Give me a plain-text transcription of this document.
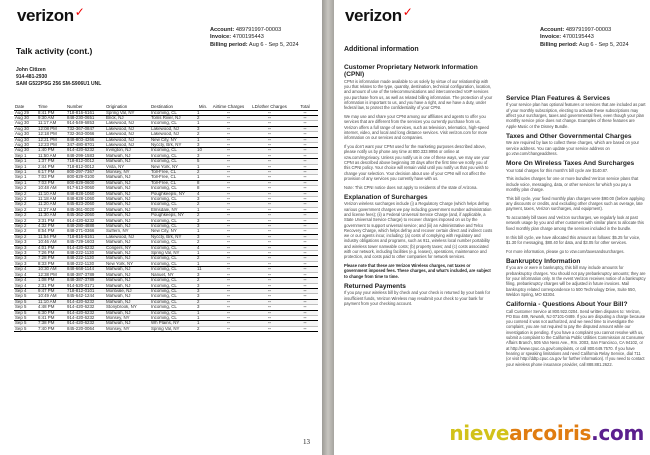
verizon✓
Account: 489791997-00003
Invoice: 4700195443
Billing period: Aug 6 - Sep 5, 2024
Talk activity (cont.)
John Citizen
914-481-2930
SAM G522PSG 256 SM-S906U1 UNL
Date	Time	Number	Origination	Destination	Min.	Airtime Charges	LD/other Charges	Total
Aug 29	8:41 PM	718-816-6161	Spring Val, NY	Incoming, CL	1	--	--	--
Aug 30	9:30 AM	848-230-0651	Brick, NJ	Toms River, NJ	2	--	--	--
Aug 30	11:17 AM	914-549-6853	Lakewood, NJ	Incoming, CL	1	--	--	--
Aug 30	12:08 PM	732-367-0847	Lakewood, NJ	Lakewood, NJ	3	--	--	--
Aug 30	12:18 PM	732-363-0066	Lakewood, NJ	Lakewood, NJ	2	--	--	--
Aug 30	12:21 PM	848-803-4266	Lakewood, NJ	New City, NY	1	--	--	--
Aug 30	12:23 PM	347-480-8701	Lakewood, NJ	Nyccty, Brk, NY	3	--	--	--
Aug 30	1:40 PM	914-420-6232	Irvington, NJ	Incoming, CL	10	--	--	--
Sep 1	11:50 AM	848-299-1583	Mahwah, NJ	Incoming, CL	3	--	--	--
Sep 1	1:37 PM	718-812-0012	Mahwah, NJ	Incoming, CL	5	--	--	--
Sep 1	2:44 PM	718-812-0012	Vista, NY	New York, NY	1	--	--	--
Sep 1	6:17 PM	800-297-7367	Monsey, NY	Toll-Free, CL	2	--	--	--
Sep 1	7:03 PM	800-829-0100	Mahwah, NJ	Toll-Free, CL	1	--	--	--
Sep 1	7:03 PM	800-829-0600	Mahwah, NJ	Toll-Free, CL	8	--	--	--
Sep 2	10:48 AM	917-613-0060	Mahwah, NJ	Incoming, CL	8	--	--	--
Sep 2	11:10 AM	848-828-1060	Mahwah, NJ	Poughkeepsi, NY	4	--	--	--
Sep 2	11:18 AM	848-828-1060	Mahwah, NJ	Incoming, CL	3	--	--	--
Sep 2	11:20 AM	845-823-2060	Mahwah, NJ	Incoming, CL	2	--	--	--
Sep 2	11:27 AM	845-361-0020	Mahwah, NJ	Elmsdale, NY	1	--	--	--
Sep 2	11:30 AM	845-362-2060	Mahwah, NJ	Poughkeeps, NY	2	--	--	--
Sep 2	3:31 PM	914-420-6232	Mahwah, NJ	Incoming, CL	3	--	--	--
Sep 2	4:32 PM	848-280-4888	Mahwah, NJ	Incoming, CL	3	--	--	--
Sep 2	8:54 PM	848-271-0366	Suffern, NY	New City, NY	1	--	--	--
Sep 2	11:54 PM	718-816-6161	Lakewood, NJ	Nyccty, Brk, NY	3	--	--	--
Sep 3	10:46 AM	845-729-1603	Mahwah, NJ	Incoming, CL	2	--	--	--
Sep 3	4:01 PM	914-420-6232	Congers, NY	Incoming, CL	4	--	--	--
Sep 3	7:26 PM	848-222-1130	Mahwah, NJ	Spring Val, NY	1	--	--	--
Sep 3	7:28 PM	848-222-1130	Mahwah, NJ	Incoming, CL	2	--	--	--
Sep 3	8:33 PM	848-222-1130	New York, NY	Incoming, CL	1	--	--	--
Sep 4	10:30 AM	848-668-1144	Mahwah, NJ	Incoming, CL	11	--	--	--
Sep 4	12:38 PM	848-387-3789	Mahwah, NJ	Nanuet, NY	3	--	--	--
Sep 4	1:08 PM	848-387-3789	Mahwah, NJ	Incoming, CL	2	--	--	--
Sep 4	2:31 PM	914-520-0171	Mahwah, NJ	Incoming, CL	3	--	--	--
Sep 4	9:47 PM	718-812-0101	Montvale, NJ	Incoming, CL	3	--	--	--
Sep 5	10:49 AM	845-642-1244	Mahwah, NJ	Incoming, CL	3	--	--	--
Sep 5	11:10 AM	914-420-6232	Mahwah, NJ	Incoming, CL	2	--	--	--
Sep 5	4:48 PM	914-420-6232	Stonybrook, NY	Incoming, CL	3	--	--	--
Sep 5	6:30 PM	914-420-6232	Mahwah, NJ	Incoming, CL	1	--	--	--
Sep 5	6:41 PM	914-420-6232	Monsey, NY	Incoming, CL	1	--	--	--
Sep 5	7:38 PM	914-420-6232	Mahwah, NJ	Wh Plains, NY	1	--	--	--
Sep 5	7:40 PM	845-220-0064	Monsey, NY	Spring Val, NY	2	--	--	--
13
verizon✓
Account: 489791997-00003
Invoice: 4700195443
Billing period: Aug 6 - Sep 5, 2024
Additional information
Customer Proprietary Network Information (CPNI)

CPNI is information made available to us solely by virtue of our relationship with you that relates to the type, quantity, destination, technical configuration, location, and amount of use of the telecommunications and interconnected VoIP services you purchase from us, as well as related billing information. The protection of your information is important to us, and you have a right, and we have a duty, under federal law, to protect the confidentiality of your CPNI.

We may use and share your CPNI among our affiliates and agents to offer you services that are different from the services you currently purchase from us. Verizon offers a full range of services, such as television, telematics, high-speed internet, video, and local and long distance services. Visit verizon.com for more information on our services and companies.

If you don't want your CPNI used for the marketing purposes described above, please notify us by phone any time at 800.333.9956 or online at vzw.com/myprivacy. Unless you notify us in one of these ways, we may use your CPNI as described above beginning 30 days after the first time we notify you of this CPNI policy. Your choice will remain valid until you notify us that you wish to change your selection. Your decision about use of your CPNI will not affect the provision of any services you currently have with us.

Note: This CPNI notice does not apply to residents of the state of Arizona.

Explanation of Surcharges

Verizon wireless surcharges include (i) a Regulatory Charge (which helps defray various government charges we pay including government number administration and license fees); (ii) a Federal Universal Service Charge (and, if applicable, a State Universal Service Charge) to recover charges imposed on us by the government to support universal service; and (iii) an Administrative and Telco Recovery Charge, which helps defray and recover certain direct and indirect costs we or our agents incur, including: (a) costs of complying with regulatory and industry obligations and programs, such as 911, wireless local number portability and wireless tower nameable costs; (b) property taxes; and (c) costs associated with our network, including facilities (e.g. leases), operations, maintenance and protection, and costs paid to other companies for network services.

Please note that these are Verizon Wireless charges, not taxes or government imposed fees. These charges, and what's included, are subject to change from time to time.

Returned Payments

If you pay your wireless bill by check and your check is returned by your bank for insufficient funds, Verizon Wireless may resubmit your check to your bank for payment from your checking account.

Service Plan Features & Services

If your service plan has optional features or services that are included as part of your monthly subscription, electing to activate these subscriptions may affect your surcharges, taxes and governmental fees, even though your plan monthly service price does not change. Examples of these features are Apple Music or the Disney Bundle.

Taxes and Other Governmental Charges

We are required by law to collect these charges, which are based on your service address. You can update your service address on go.vzw.com/changeaddress.

More On Wireless Taxes And Surcharges

Your total charges for this month's bill cycle are $140.87.

This includes charges for one or more bundled Verizon service plans that include voice, messaging, data, or other services for which you pay a monthly plan charge.

This bill cycle, your fixed monthly plan charges were $90.00 (before applying any discounts or credits, and excluding other charges such as overage, late payment, taxes, Verizon surcharges, and equipment).

To accurately bill taxes and Verizon surcharges, we regularly look at past network usage by you and other customers with similar plans to allocate this fixed monthly plan charge among the services included in the bundle.

In this bill cycle, we have allocated this amount as follows: $5.25 for voice, $1.30 for messaging, $80.40 for data, and $3.05 for other services.

For more information, please go to vzw.com/taxesandsurcharges.

Bankruptcy Information

If you are or were in bankruptcy, this bill may include amounts for prebankruptcy charges. You should not pay prebankruptcy amounts; they are for your information only. In the event Verizon receives notice of a bankruptcy filing, prebankruptcy charges will be adjusted in future invoices. Mail bankruptcy related correspondence to 500 Technology Drive, Suite 550, Weldon Spring, MO 63304.

California - Questions About Your Bill?

Call Customer Service at 800.922.0204. Send written disputes to: Verizon, PO Box 489, Newark, NJ 07101-0489. If you are disputing a charge because you contend it was not authorized, and we need time to investigate the complaint, you are not required to pay the disputed amount while our investigation is pending. If you have a complaint you cannot resolve with us, submit a complaint to the California Public Utilities Commission at Consumer Affairs Branch, 505 Van Ness Ave., Rm. 2003, San Francisco, CA 94102, or at http://www.cpuc.ca.gov/complaints, or call 800.649.7570. If you have hearing or speaking limitations and need California Relay Service, dial 711 (or visit http://ddtp.cpuc.ca.gov for further information). If you need to contact your wireless phone insurance provider, call 888.881.2622.

nievearcoiris.com
